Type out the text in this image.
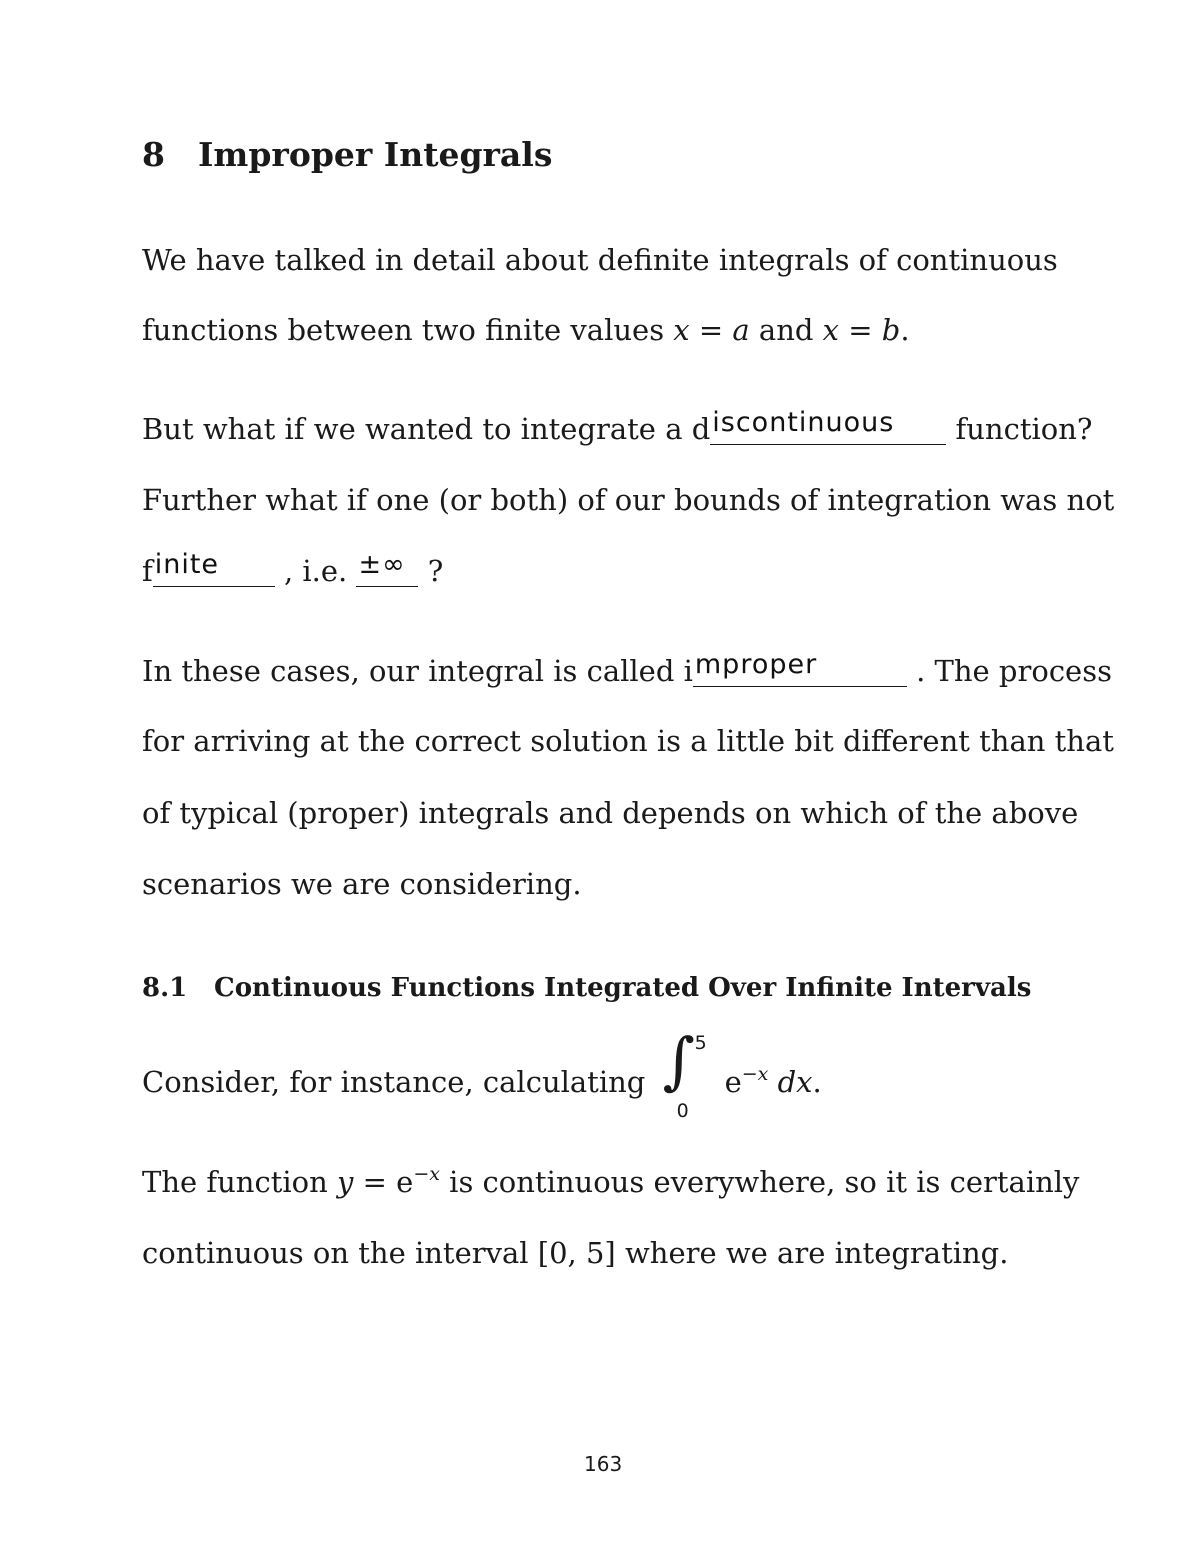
8 Improper Integrals
We have talked in detail about definite integrals of continuous
functions between two finite values x = a and x = b.
But what if we wanted to integrate a d iscontinuous function?
Further what if one (or both) of our bounds of integration was not
f inite , i.e. ±∞ ?
In these cases, our integral is called i mproper	. The process
for arriving at the correct solution is a little bit different than that
of typical (proper) integrals and depends on which of the above
scenarios we are considering.
8.1 Continuous Functions Integrated Over Infinite Intervals
Consider, for instance, calculating ∫ 5
0
$e^{-x}$ dx.
The function $y = e^{-x}$ is continuous everywhere, so it is certainly
continuous on the interval [0, 5] where we are integrating.
163
